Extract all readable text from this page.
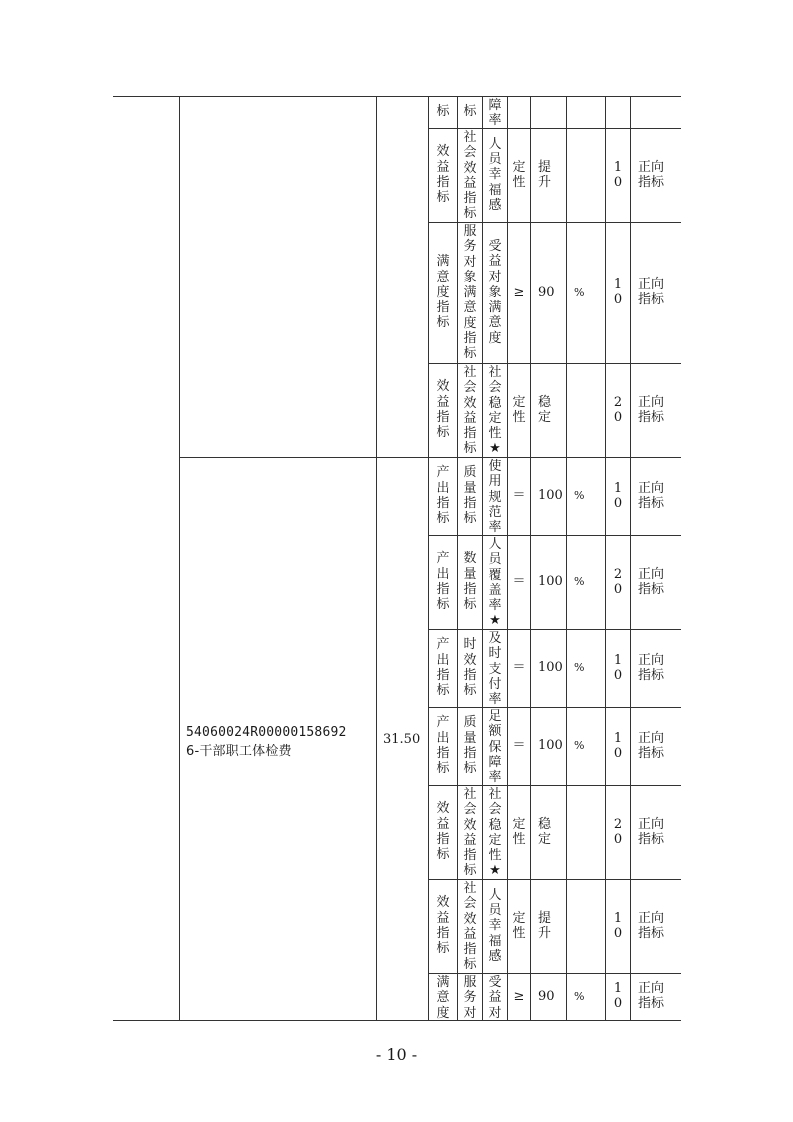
标 标 障
率
效
益
指
标
社
会
效
益
指
标
人
员
幸
福
感
定
性
提
升
1
0
正向
指标
满
意
度
指
标
服
务
对
象
满
意
度
指
标
受
益
对
象
满
意
度
≥ 90	%
1
0
正向
指标
效
益
指
标
社
会
效
益
指
标
社
会
稳
定
性
★
定
性
稳
定
2
0
正向
指标
产
出
指
标
质
量
指
标
使
用
规
范
率
＝ 100 %
1
0
正向
指标
产
出
指
标
数
量
指
标
人
员
覆
盖
率
★
＝ 100 %
2
0
正向
指标
产
出
指
标
时
效
指
标
及
时
支
付
率
＝ 100 %
1
0
正向
指标
产
出
指
标
质
量
指
标
足
额
保
障
率
＝ 100 %
1
0
正向
指标
效
益
指
标
社
会
效
益
指
标
社
会
稳
定
性
★
定
性
稳
定
2
0
正向
指标
效
益
指
标
社
会
效
益
指
标
人
员
幸
福
感
定
性
提
升
1
0
正向
指标
满
意
度
服
务
对
受
益
对
≥ 90	%
1
0
正向
指标
54060024R00000158692
6-干部职工体检费
31.50
- 10 -
